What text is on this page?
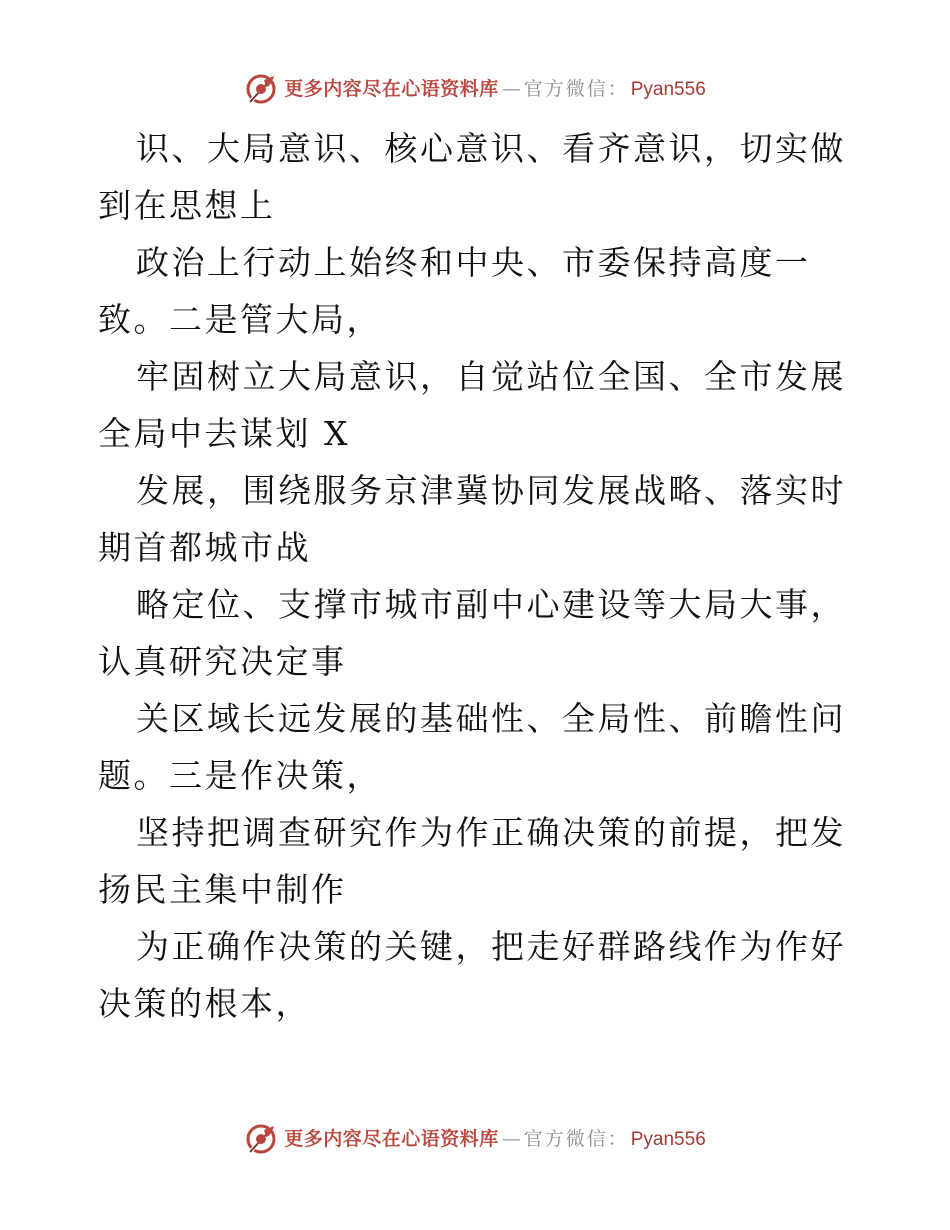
更多内容尽在心语资料库 — 官方微信： Pyan556

识、大局意识、核心意识、看齐意识，切实做到在思想上

政治上行动上始终和中央、市委保持高度一致。二是管大局，

牢固树立大局意识，自觉站位全国、全市发展全局中去谋划 X

发展，围绕服务京津冀协同发展战略、落实时期首都城市战

略定位、支撑市城市副中心建设等大局大事，认真研究决定事

关区域长远发展的基础性、全局性、前瞻性问题。三是作决策，

坚持把调查研究作为作正确决策的前提，把发扬民主集中制作

为正确作决策的关键，把走好群路线作为作好决策的根本，

更多内容尽在心语资料库 — 官方微信： Pyan556
